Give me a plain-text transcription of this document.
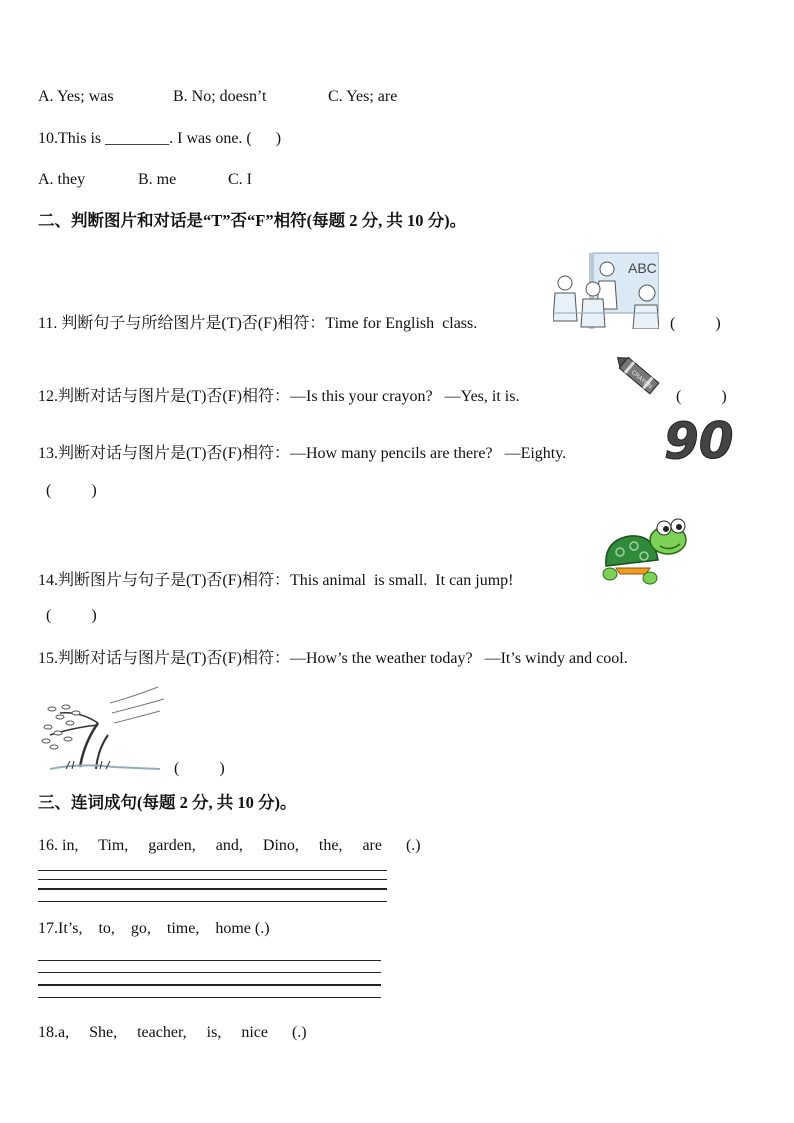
A. Yes; was	B. No; doesn’t	C. Yes; are
10.This is ________. I was one. (      )
A. they	B. me	C. I
二、判断图片和对话是“T”否“F”相符(每题 2 分, 共 10 分)。
11. 判断句子与所给图片是(T)否(F)相符：Time for English  class.
ABC
(          )
12.判断对话与图片是(T)否(F)相符：—Is this your crayon?   —Yes, it is.
CRAYON
(          )
13.判断对话与图片是(T)否(F)相符：—How many pencils are there?   —Eighty. 90
(          )
14.判断图片与句子是(T)否(F)相符：This animal  is small.  It can jump!
(          )
15.判断对话与图片是(T)否(F)相符：—How’s the weather today?   —It’s windy and cool.
(          )
三、连词成句(每题 2 分, 共 10 分)。
16. in,     Tim,     garden,     and,     Dino,     the,     are      (.)
17.It’s,    to,    go,    time,    home (.)
18.a,     She,     teacher,     is,     nice      (.)
